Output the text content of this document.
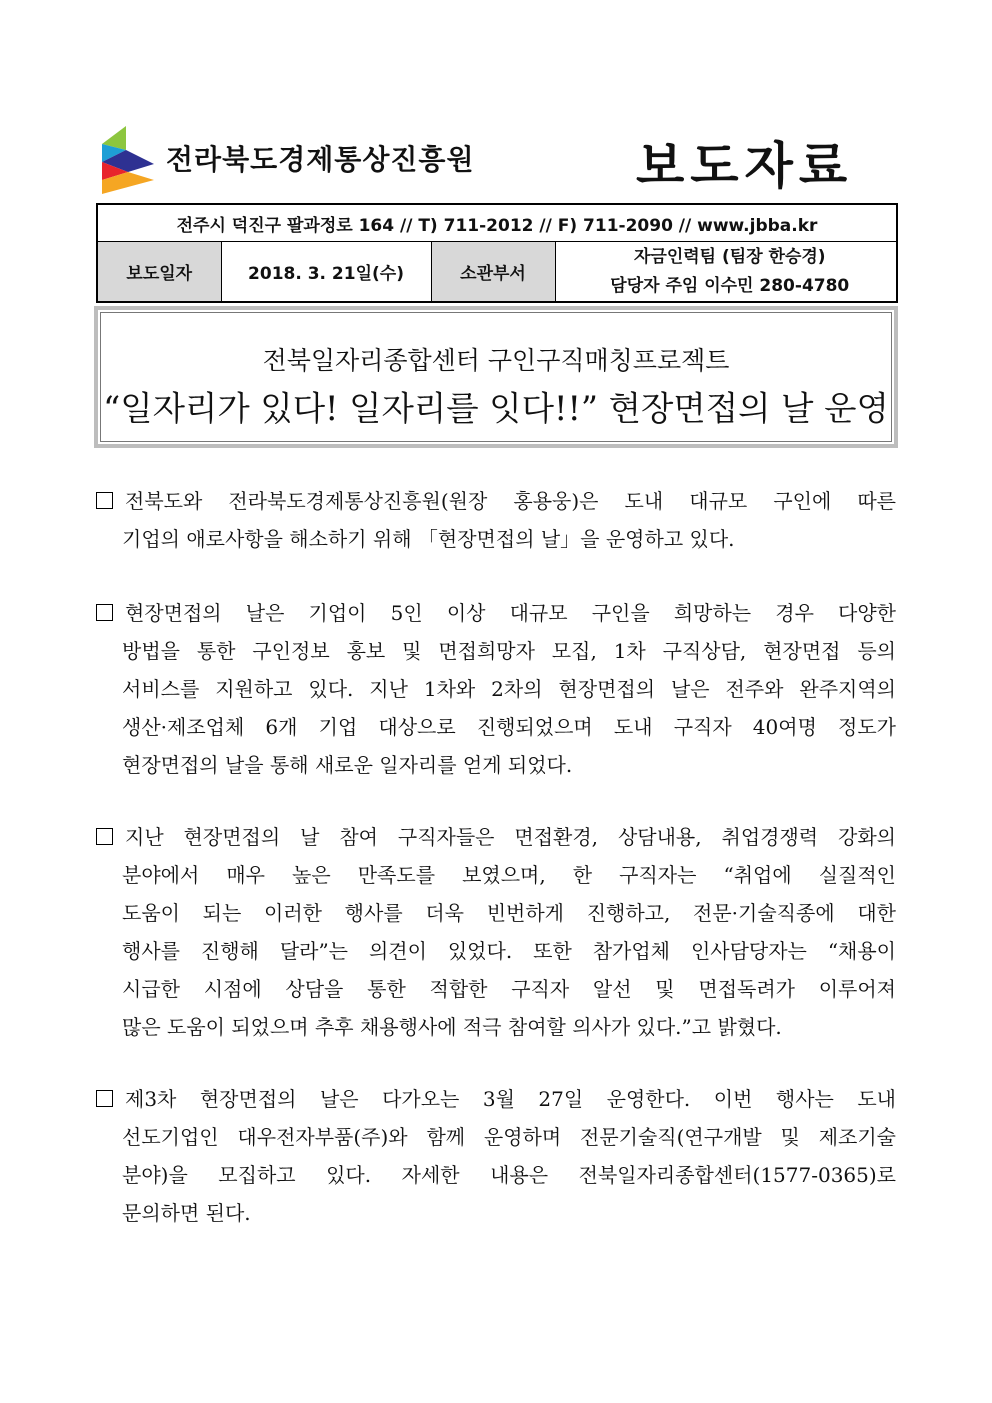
전라북도경제통상진흥원	보도자료
전주시 덕진구 팔과정로 164 // T) 711-2012 // F) 711-2090 // www.jbba.kr
보도일자	2018. 3. 21일(수)	소관부서	
자금인력팀 (팀장 한승경)
담당자 주임 이수민 280-4780
전북일자리종합센터 구인구직매칭프로젝트
“일자리가 있다! 일자리를 잇다!!” 현장면접의 날 운영
전북도와 전라북도경제통상진흥원(원장 홍용웅)은 도내 대규모 구인에 따른
기업의 애로사항을 해소하기 위해 「현장면접의 날」을 운영하고 있다.
현장면접의 날은 기업이 5인 이상 대규모 구인을 희망하는 경우 다양한
방법을 통한 구인정보 홍보 및 면접희망자 모집, 1차 구직상담, 현장면접 등의
서비스를 지원하고 있다. 지난 1차와 2차의 현장면접의 날은 전주와 완주지역의
생산·제조업체 6개 기업 대상으로 진행되었으며 도내 구직자 40여명 정도가
현장면접의 날을 통해 새로운 일자리를 얻게 되었다.
지난 현장면접의 날 참여 구직자들은 면접환경, 상담내용, 취업경쟁력 강화의
분야에서 매우 높은 만족도를 보였으며, 한 구직자는 “취업에 실질적인
도움이 되는 이러한 행사를 더욱 빈번하게 진행하고, 전문·기술직종에 대한
행사를 진행해 달라”는 의견이 있었다. 또한 참가업체 인사담당자는 “채용이
시급한 시점에 상담을 통한 적합한 구직자 알선 및 면접독려가 이루어져
많은 도움이 되었으며 추후 채용행사에 적극 참여할 의사가 있다.”고 밝혔다.
제3차 현장면접의 날은 다가오는 3월 27일 운영한다. 이번 행사는 도내
선도기업인 대우전자부품(주)와 함께 운영하며 전문기술직(연구개발 및 제조기술
분야)을 모집하고 있다. 자세한 내용은 전북일자리종합센터(1577-0365)로
문의하면 된다.
